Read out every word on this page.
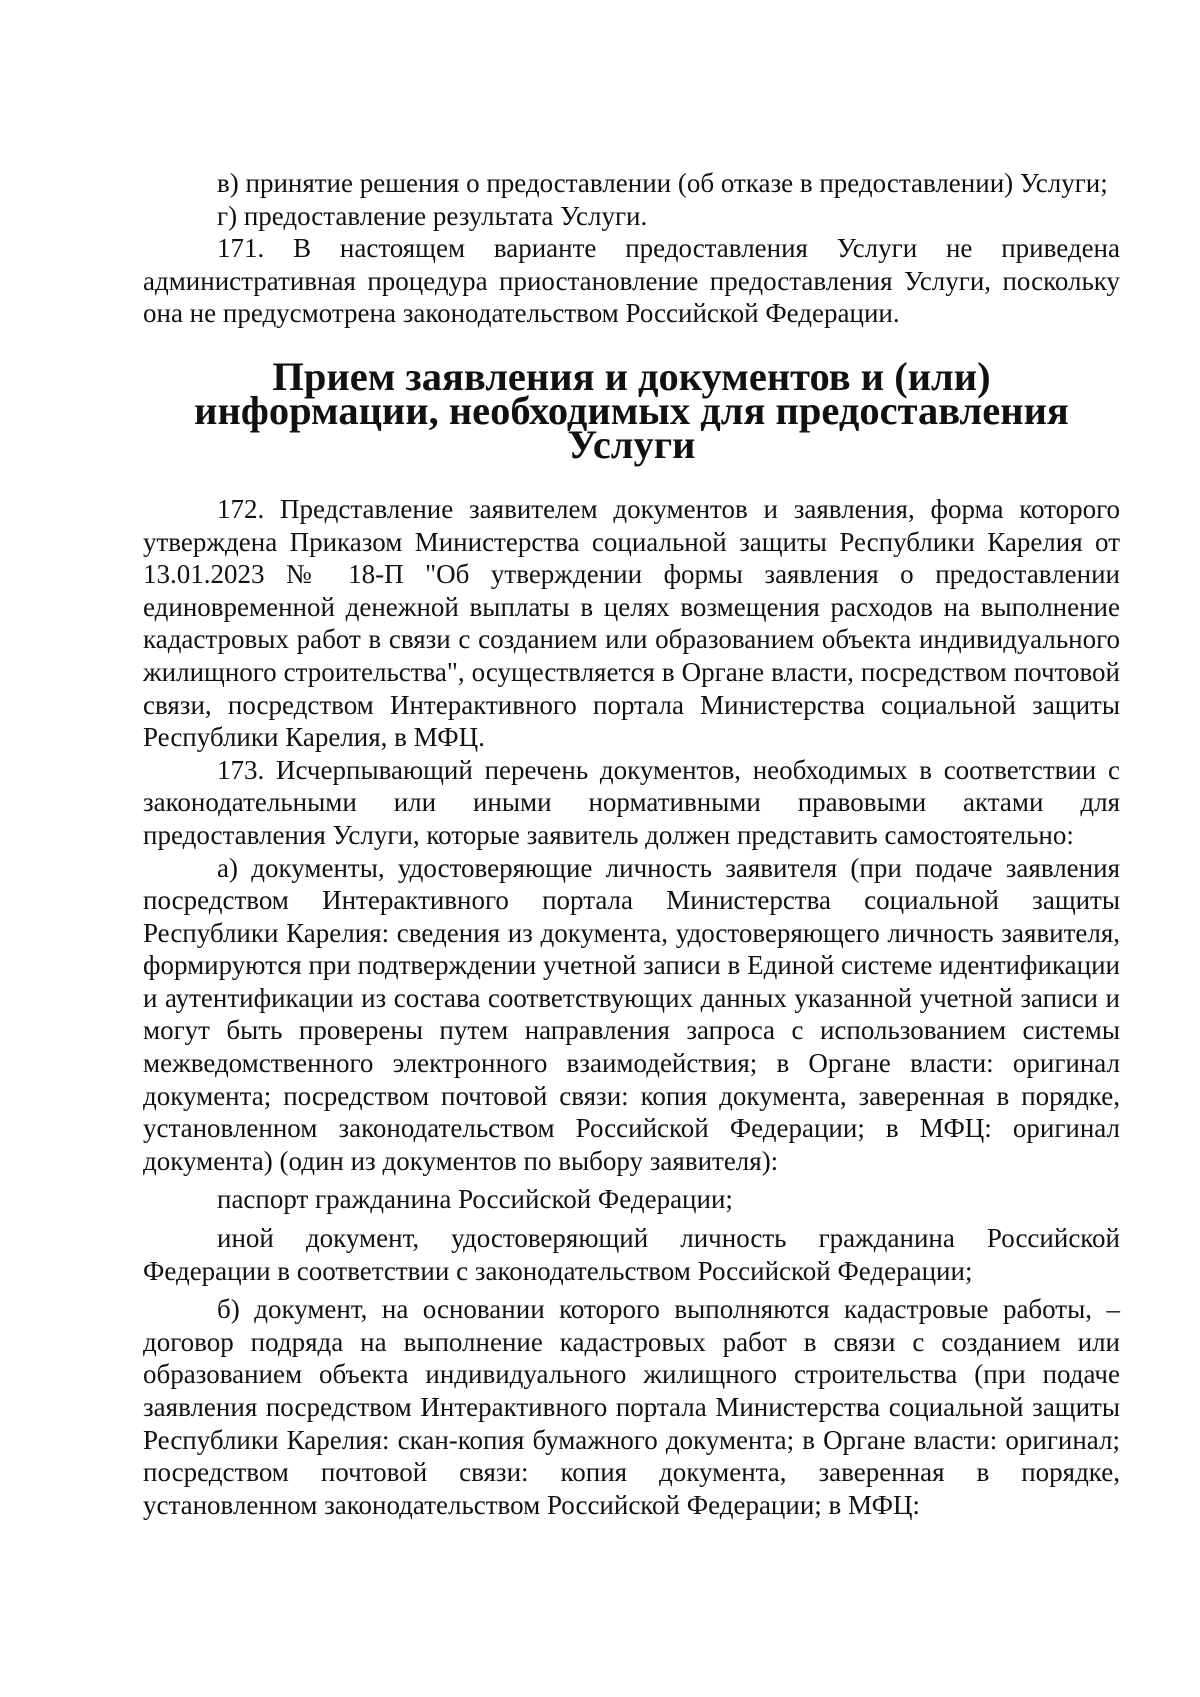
в) принятие решения о предоставлении (об отказе в предоставлении) Услуги;

г) предоставление результата Услуги.

171. В настоящем варианте предоставления Услуги не приведена административная процедура приостановление предоставления Услуги, поскольку она не предусмотрена законодательством Российской Федерации.

Прием заявления и документов и (или) информации, необходимых для предоставления Услуги

172. Представление заявителем документов и заявления, форма которого утверждена Приказом Министерства социальной защиты Республики Карелия от 13.01.2023 № 18-П "Об утверждении формы заявления о предоставлении единовременной денежной выплаты в целях возмещения расходов на выполнение кадастровых работ в связи с созданием или образованием объекта индивидуального жилищного строительства", осуществляется в Органе власти, посредством почтовой связи, посредством Интерактивного портала Министерства социальной защиты Республики Карелия, в МФЦ.

173. Исчерпывающий перечень документов, необходимых в соответствии с законодательными или иными нормативными правовыми актами для предоставления Услуги, которые заявитель должен представить самостоятельно:

а) документы, удостоверяющие личность заявителя (при подаче заявления посредством Интерактивного портала Министерства социальной защиты Республики Карелия: сведения из документа, удостоверяющего личность заявителя, формируются при подтверждении учетной записи в Единой системе идентификации и аутентификации из состава соответствующих данных указанной учетной записи и могут быть проверены путем направления запроса с использованием системы межведомственного электронного взаимодействия; в Органе власти: оригинал документа; посредством почтовой связи: копия документа, заверенная в порядке, установленном законодательством Российской Федерации; в МФЦ: оригинал документа) (один из документов по выбору заявителя):

паспорт гражданина Российской Федерации;

иной документ, удостоверяющий личность гражданина Российской Федерации в соответствии с законодательством Российской Федерации;

б) документ, на основании которого выполняются кадастровые работы, – договор подряда на выполнение кадастровых работ в связи с созданием или образованием объекта индивидуального жилищного строительства (при подаче заявления посредством Интерактивного портала Министерства социальной защиты Республики Карелия: скан-копия бумажного документа; в Органе власти: оригинал; посредством почтовой связи: копия документа, заверенная в порядке, установленном законодательством Российской Федерации; в МФЦ:
